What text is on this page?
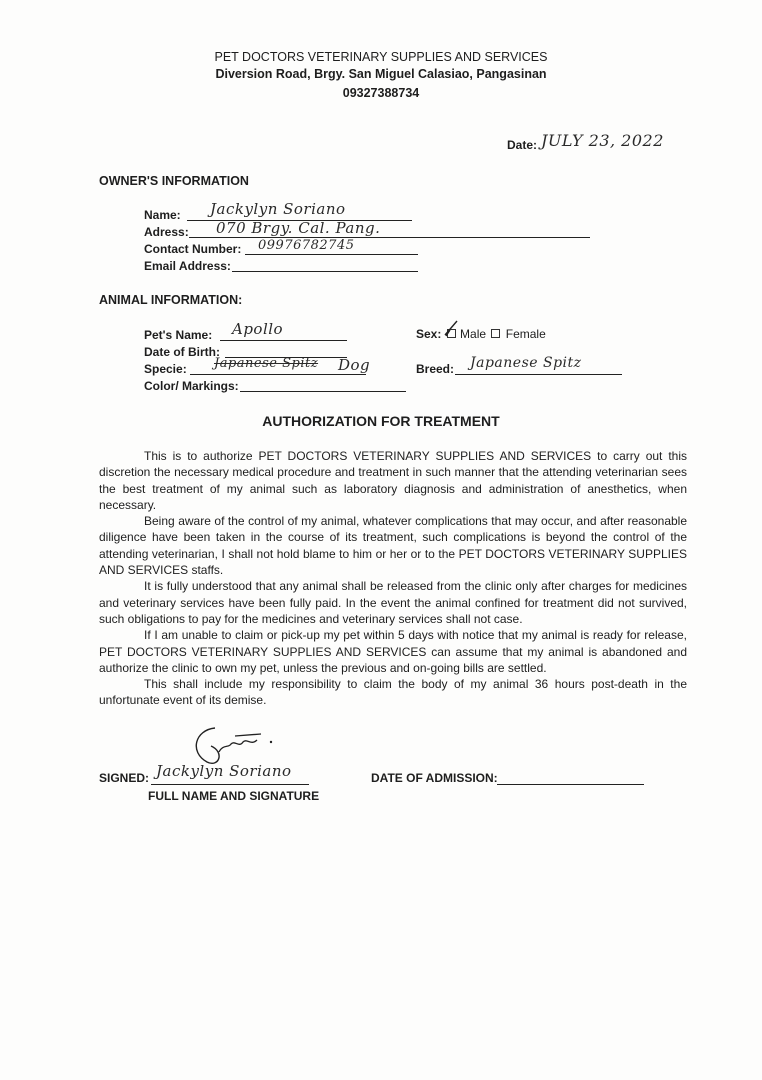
PET DOCTORS VETERINARY SUPPLIES AND SERVICES
Diversion Road, Brgy. San Miguel Calasiao, Pangasinan
09327388734
Date: JULY 23, 2022
OWNER'S INFORMATION
Name: Jackylyn Soriano
Adress: 070 Brgy. Cal. Pang.
Contact Number: 09976782745
Email Address:
ANIMAL INFORMATION:
Pet's Name: Apollo
Date of Birth:
Specie: Japanese Spitz Dog
Color/ Markings:
Sex: Male Female
Breed: Japanese Spitz
AUTHORIZATION FOR TREATMENT

This is to authorize PET DOCTORS VETERINARY SUPPLIES AND SERVICES to carry out this discretion the necessary medical procedure and treatment in such manner that the attending veterinarian sees the best treatment of my animal such as laboratory diagnosis and administration of anesthetics, when necessary.

Being aware of the control of my animal, whatever complications that may occur, and after reasonable diligence have been taken in the course of its treatment, such complications is beyond the control of the attending veterinarian, I shall not hold blame to him or her or to the PET DOCTORS VETERINARY SUPPLIES AND SERVICES staffs.

It is fully understood that any animal shall be released from the clinic only after charges for medicines and veterinary services have been fully paid. In the event the animal confined for treatment did not survived, such obligations to pay for the medicines and veterinary services shall not case.

If I am unable to claim or pick-up my pet within 5 days with notice that my animal is ready for release, PET DOCTORS VETERINARY SUPPLIES AND SERVICES can assume that my animal is abandoned and authorize the clinic to own my pet, unless the previous and on-going bills are settled.

This shall include my responsibility to claim the body of my animal 36 hours post-death in the unfortunate event of its demise.

SIGNED: Jackylyn Soriano
FULL NAME AND SIGNATURE
DATE OF ADMISSION:
